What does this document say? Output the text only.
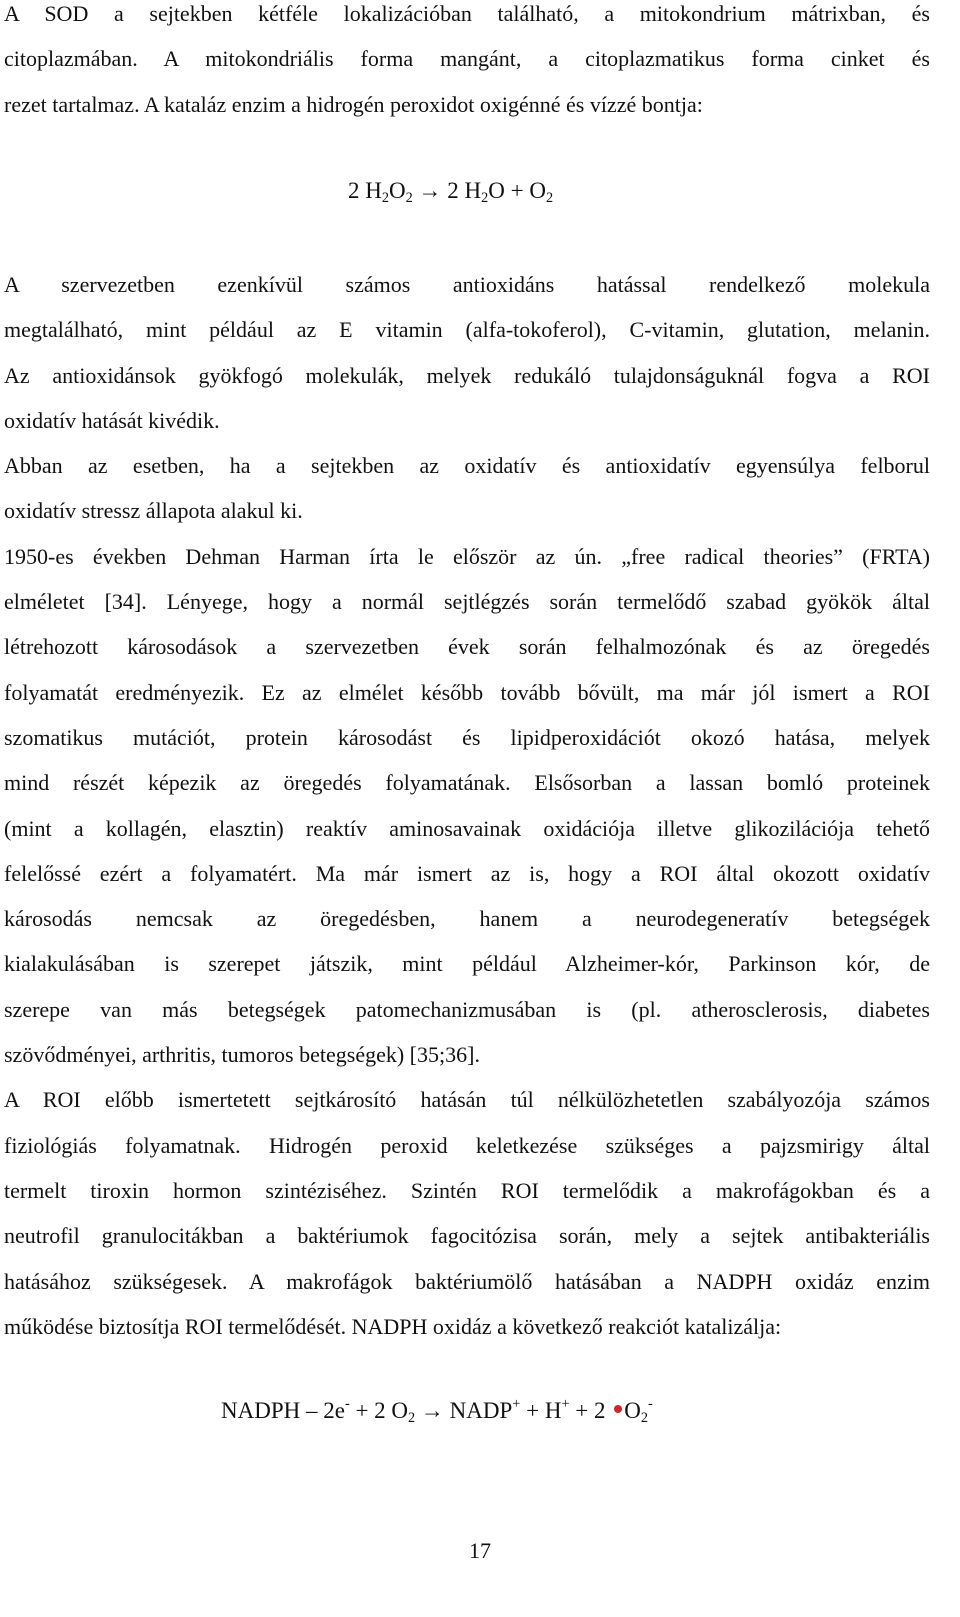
A SOD a sejtekben kétféle lokalizációban található, a mitokondrium mátrixban, és
citoplazmában. A mitokondriális forma mangánt, a citoplazmatikus forma cinket és
rezet tartalmaz. A kataláz enzim a hidrogén peroxidot oxigénné és vízzé bontja:
2 $H_2O_2 \to 2$ $H_2O + O_2$
A szervezetben ezenkívül számos antioxidáns hatással rendelkező molekula
megtalálható, mint például az E vitamin (alfa-tokoferol), C-vitamin, glutation, melanin.
Az antioxidánsok gyökfogó molekulák, melyek redukáló tulajdonságuknál fogva a ROI
oxidatív hatását kivédik.
Abban az esetben, ha a sejtekben az oxidatív és antioxidatív egyensúlya felborul
oxidatív stressz állapota alakul ki.
1950-es években Dehman Harman írta le először az ún. „free radical theories” (FRTA)
elméletet [34]. Lényege, hogy a normál sejtlégzés során termelődő szabad gyökök által
létrehozott károsodások a szervezetben évek során felhalmozónak és az öregedés
folyamatát eredményezik. Ez az elmélet később tovább bővült, ma már jól ismert a ROI
szomatikus mutációt, protein károsodást és lipidperoxidációt okozó hatása, melyek
mind részét képezik az öregedés folyamatának. Elsősorban a lassan bomló proteinek
(mint a kollagén, elasztin) reaktív aminosavainak oxidációja illetve glikozilációja tehető
felelőssé ezért a folyamatért. Ma már ismert az is, hogy a ROI által okozott oxidatív
károsodás nemcsak az öregedésben, hanem a neurodegeneratív betegségek
kialakulásában is szerepet játszik, mint például Alzheimer-kór, Parkinson kór, de
szerepe van más betegségek patomechanizmusában is (pl. atherosclerosis, diabetes
szövődményei, arthritis, tumoros betegségek) [35;36].
A ROI előbb ismertetett sejtkárosító hatásán túl nélkülözhetetlen szabályozója számos
fiziológiás folyamatnak. Hidrogén peroxid keletkezése szükséges a pajzsmirigy által
termelt tiroxin hormon szintéziséhez. Szintén ROI termelődik a makrofágokban és a
neutrofil granulocitákban a baktériumok fagocitózisa során, mely a sejtek antibakteriális
hatásához szükségesek. A makrofágok baktériumölő hatásában a NADPH oxidáz enzim
működése biztosítja ROI termelődését. NADPH oxidáz a következő reakciót katalizálja:
NADPH – 2e- + 2 $O_2$ → NADP+ + H+ + 2 $O_2^-$
17
